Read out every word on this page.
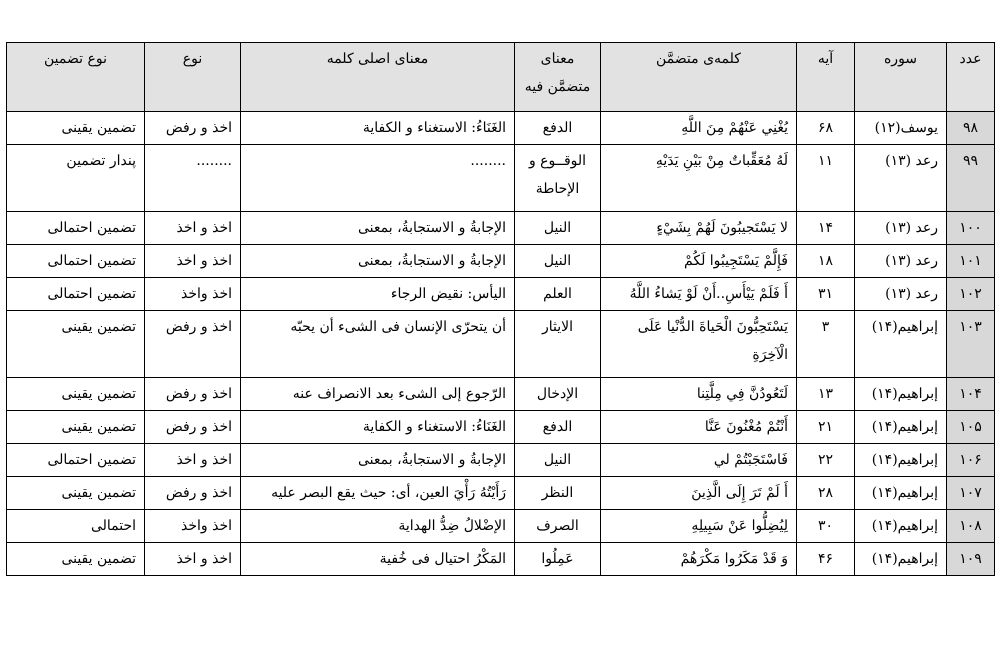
عدد	سوره	آیه	کلمه‌ی متضمَّن	معنای متضمَّن فیه	معنای اصلی کلمه	نوع	نوع تضمین
۹۸	یوسف(۱۲)	۶۸	يُغْنِي عَنْهُمْ مِنَ اللَّهِ	الدفع	الغَنَاءُ: الاستغناء و الكفاية	اخذ و رفض	تضمین یقینی
۹۹	رعد (۱۳)	۱۱	لَهُ مُعَقِّباتٌ مِنْ بَيْنِ يَدَيْهِ	الوقــوع و الإحاطة	........	........	پندار تضمین
۱۰۰	رعد (۱۳)	۱۴	لا يَسْتَجيبُونَ لَهُمْ بِشَيْءٍ	النيل	الإجابةُ و الاستجابةُ، بمعنى	اخذ و اخذ	تضمین احتمالی
۱۰۱	رعد (۱۳)	۱۸	فَإِلَّمْ يَسْتَجِيبُوا لَكُمْ	النيل	الإجابةُ و الاستجابةُ، بمعنى	اخذ و اخذ	تضمین احتمالی
۱۰۲	رعد (۱۳)	۳۱	أَ فَلَمْ يَيْأَسِ..أَنْ لَوْ يَشاءُ اللَّهُ	العلم	اليأس: نقيض الرجاء	اخذ واخذ	تضمین احتمالی
۱۰۳	إبراهيم(۱۴)	۳	يَسْتَحِبُّونَ الْحَياةَ الدُّنْيا عَلَى الْآخِرَةِ	الايثار	أن يتحرّى الإنسان فى الشىء أن يحبّه	اخذ و رفض	تضمین یقینی
۱۰۴	إبراهيم(۱۴)	۱۳	لَتَعُودُنَّ فِي مِلَّتِنا	الإدخال	الرّجوع إلى الشىء بعد الانصراف عنه	اخذ و رفض	تضمین یقینی
۱۰۵	إبراهيم(۱۴)	۲۱	أَنْتُمْ مُغْنُونَ عَنَّا	الدفع	الغَنَاءُ: الاستغناء و الكفاية	اخذ و رفض	تضمین یقینی
۱۰۶	إبراهيم(۱۴)	۲۲	فَاسْتَجَبْتُمْ لي	النيل	الإجابةُ و الاستجابةُ، بمعنى	اخذ و اخذ	تضمین احتمالی
۱۰۷	إبراهيم(۱۴)	۲۸	أَ لَمْ تَرَ إِلَى الَّذِينَ	النظر	رَأَيْتُهُ رَأْيَ العين، أى: حيث يقع البصر عليه	اخذ و رفض	تضمین یقینی
۱۰۸	إبراهيم(۱۴)	۳۰	لِيُضِلُّوا عَنْ سَبِيلِهِ	الصرف	الإضْلالُ ضِدُّ الهداية	اخذ واخذ	احتمالی
۱۰۹	إبراهيم(۱۴)	۴۶	وَ قَدْ مَكَرُوا مَكْرَهُمْ	عَمِلُوا	المَكْرُ احتيال فى خُفية	اخذ و اخذ	تضمین یقینی
